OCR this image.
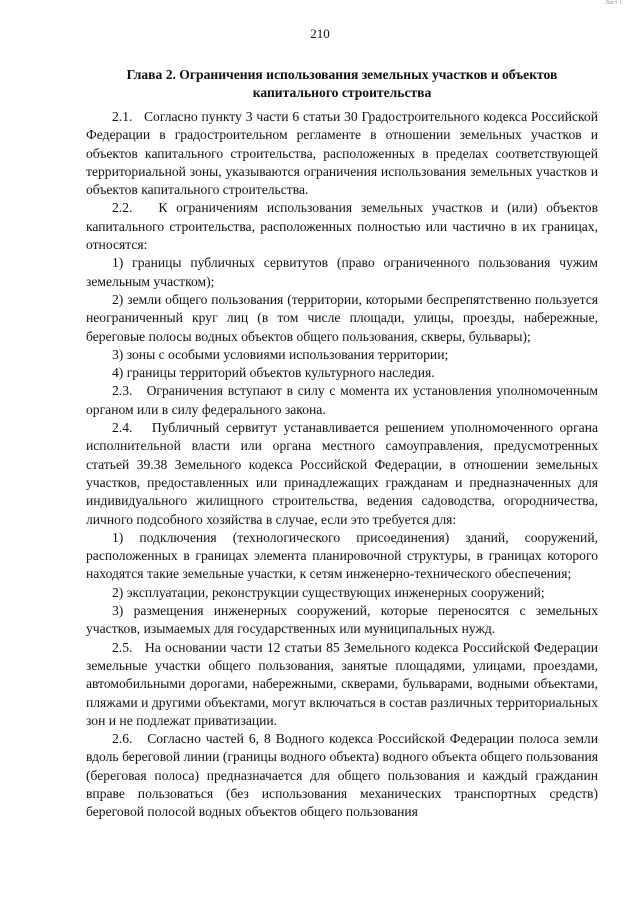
Лист 1
210
Глава 2. Ограничения использования земельных участков и объектов капитального строительства

2.1.   Согласно пункту 3 части 6 статьи 30 Градостроительного кодекса Российской Федерации в градостроительном регламенте в отношении земельных участков и объектов капитального строительства, расположенных в пределах соответствующей территориальной зоны, указываются ограничения использования земельных участков и объектов капитального строительства.

2.2.   К ограничениям использования земельных участков и (или) объектов капитального строительства, расположенных полностью или частично в их границах, относятся:

1) границы публичных сервитутов (право ограниченного пользования чужим земельным участком);

2) земли общего пользования (территории, которыми беспрепятственно пользуется неограниченный круг лиц (в том числе площади, улицы, проезды, набережные, береговые полосы водных объектов общего пользования, скверы, бульвары);

3) зоны с особыми условиями использования территории;

4) границы территорий объектов культурного наследия.

2.3.   Ограничения вступают в силу с момента их установления уполномоченным органом или в силу федерального закона.

2.4.   Публичный сервитут устанавливается решением уполномоченного органа исполнительной власти или органа местного самоуправления, предусмотренных статьей 39.38 Земельного кодекса Российской Федерации, в отношении земельных участков, предоставленных или принадлежащих гражданам и предназначенных для индивидуального жилищного строительства, ведения садоводства, огородничества, личного подсобного хозяйства в случае, если это требуется для:

1) подключения (технологического присоединения) зданий, сооружений, расположенных в границах элемента планировочной структуры, в границах которого находятся такие земельные участки, к сетям инженерно-технического обеспечения;

2) эксплуатации, реконструкции существующих инженерных сооружений;

3) размещения инженерных сооружений, которые переносятся с земельных участков, изымаемых для государственных или муниципальных нужд.

2.5.   На основании части 12 статьи 85 Земельного кодекса Российской Федерации земельные участки общего пользования, занятые площадями, улицами, проездами, автомобильными дорогами, набережными, скверами, бульварами, водными объектами, пляжами и другими объектами, могут включаться в состав различных территориальных зон и не подлежат приватизации.

2.6.   Согласно частей 6, 8 Водного кодекса Российской Федерации полоса земли вдоль береговой линии (границы водного объекта) водного объекта общего пользования (береговая полоса) предназначается для общего пользования и каждый гражданин вправе пользоваться (без использования механических транспортных средств) береговой полосой водных объектов общего пользования
